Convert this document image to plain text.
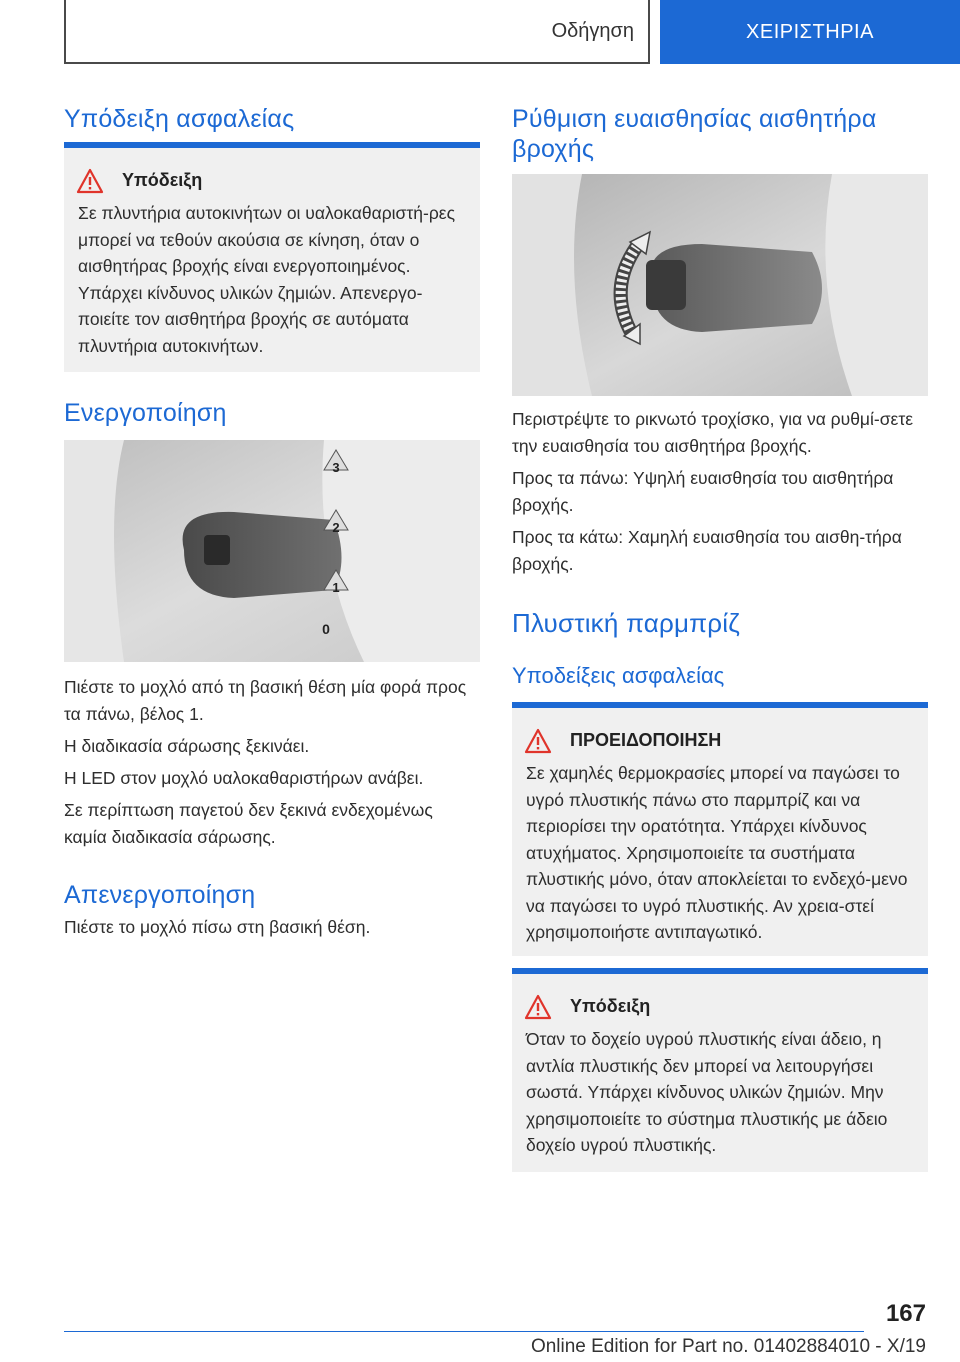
Οδήγηση	ΧΕΙΡΙΣΤΗΡΙΑ
Υπόδειξη ασφαλείας
Υπόδειξη
Σε πλυντήρια αυτοκινήτων οι υαλοκαθαριστή-ρες μπορεί να τεθούν ακούσια σε κίνηση, όταν ο αισθητήρας βροχής είναι ενεργοποιημένος. Υπάρχει κίνδυνος υλικών ζημιών. Απενεργο-ποιείτε τον αισθητήρα βροχής σε αυτόματα πλυντήρια αυτοκινήτων.
Ενεργοποίηση
3
2
1
0

Πιέστε το μοχλό από τη βασική θέση μία φορά προς τα πάνω, βέλος 1.

Η διαδικασία σάρωσης ξεκινάει.

Η LED στον μοχλό υαλοκαθαριστήρων ανάβει.

Σε περίπτωση παγετού δεν ξεκινά ενδεχομένως καμία διαδικασία σάρωσης.

Απενεργοποίηση

Πιέστε το μοχλό πίσω στη βασική θέση.

Ρύθμιση ευαισθησίας αισθητήρα βροχής

Περιστρέψτε το ρικνωτό τροχίσκο, για να ρυθμί-σετε την ευαισθησία του αισθητήρα βροχής.

Προς τα πάνω: Υψηλή ευαισθησία του αισθητήρα βροχής.

Προς τα κάτω: Χαμηλή ευαισθησία του αισθη-τήρα βροχής.

Πλυστική παρμπρίζ
Υποδείξεις ασφαλείας
ΠΡΟΕΙΔΟΠΟΙΗΣΗ
Σε χαμηλές θερμοκρασίες μπορεί να παγώσει το υγρό πλυστικής πάνω στο παρμπρίζ και να περιορίσει την ορατότητα. Υπάρχει κίνδυνος ατυχήματος. Χρησιμοποιείτε τα συστήματα πλυστικής μόνο, όταν αποκλείεται το ενδεχό-μενο να παγώσει το υγρό πλυστικής. Αν χρεια-στεί χρησιμοποιήστε αντιπαγωτικό.
Υπόδειξη
Όταν το δοχείο υγρού πλυστικής είναι άδειο, η αντλία πλυστικής δεν μπορεί να λειτουργήσει σωστά. Υπάρχει κίνδυνος υλικών ζημιών. Μην χρησιμοποιείτε το σύστημα πλυστικής με άδειο δοχείο υγρού πλυστικής.
167
Online Edition for Part no. 01402884010 - X/19
